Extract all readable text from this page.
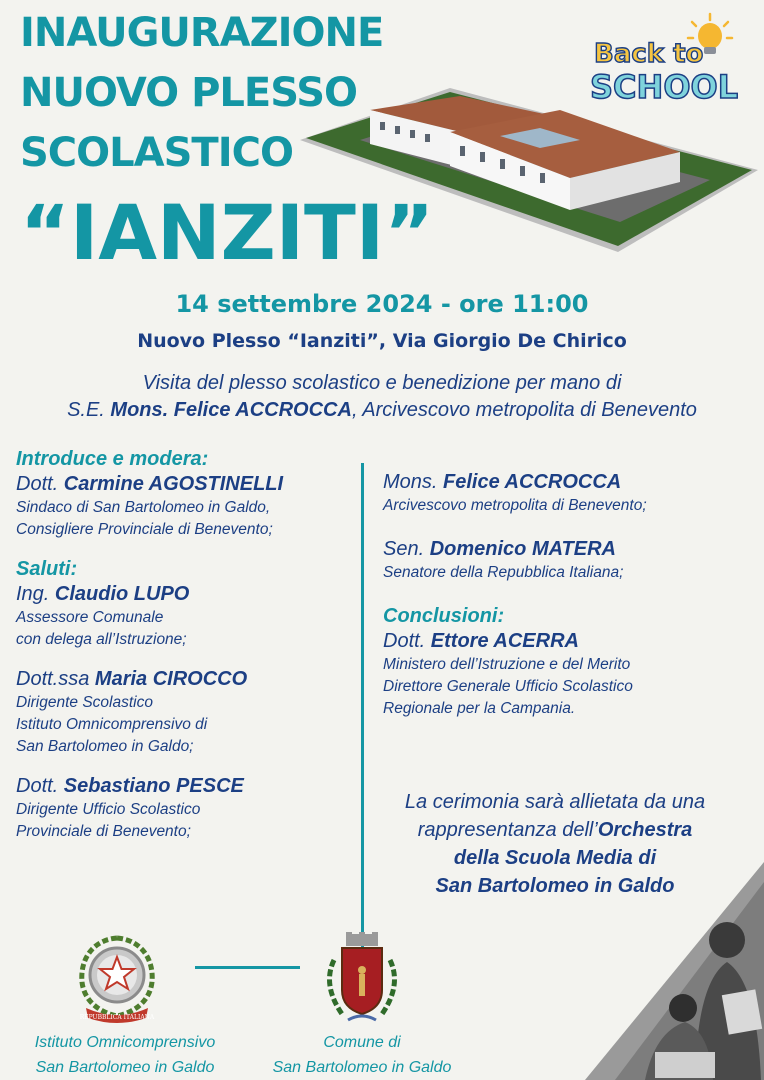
INAUGURAZIONE
NUOVO PLESSO
SCOLASTICO
“IANZITI”
Back to
SCHOOL
14 settembre 2024 - ore 11:00
Nuovo Plesso “Ianziti”, Via Giorgio De Chirico
Visita del plesso scolastico e benedizione per mano di
S.E. Mons. Felice ACCROCCA, Arcivescovo metropolita di Benevento
Introduce e modera:
Dott. Carmine AGOSTINELLI
Sindaco di San Bartolomeo in Galdo,
Consigliere Provinciale di Benevento;
Saluti:
Ing. Claudio LUPO
Assessore Comunale
con delega all’Istruzione;
Dott.ssa Maria CIROCCO
Dirigente Scolastico
Istituto Omnicomprensivo di
San Bartolomeo in Galdo;
Dott. Sebastiano PESCE
Dirigente Ufficio Scolastico
Provinciale di Benevento;
Mons. Felice ACCROCCA
Arcivescovo metropolita di Benevento;
Sen. Domenico MATERA
Senatore della Repubblica Italiana;
Conclusioni:
Dott. Ettore ACERRA
Ministero dell’Istruzione e del Merito
Direttore Generale Ufficio Scolastico
Regionale per la Campania.
La cerimonia sarà allietata da una
rappresentanza dell’Orchestra
della Scuola Media di
San Bartolomeo in Galdo
REPUBBLICA ITALIANA
Istituto Omnicomprensivo
San Bartolomeo in Galdo
Comune di
San Bartolomeo in Galdo
